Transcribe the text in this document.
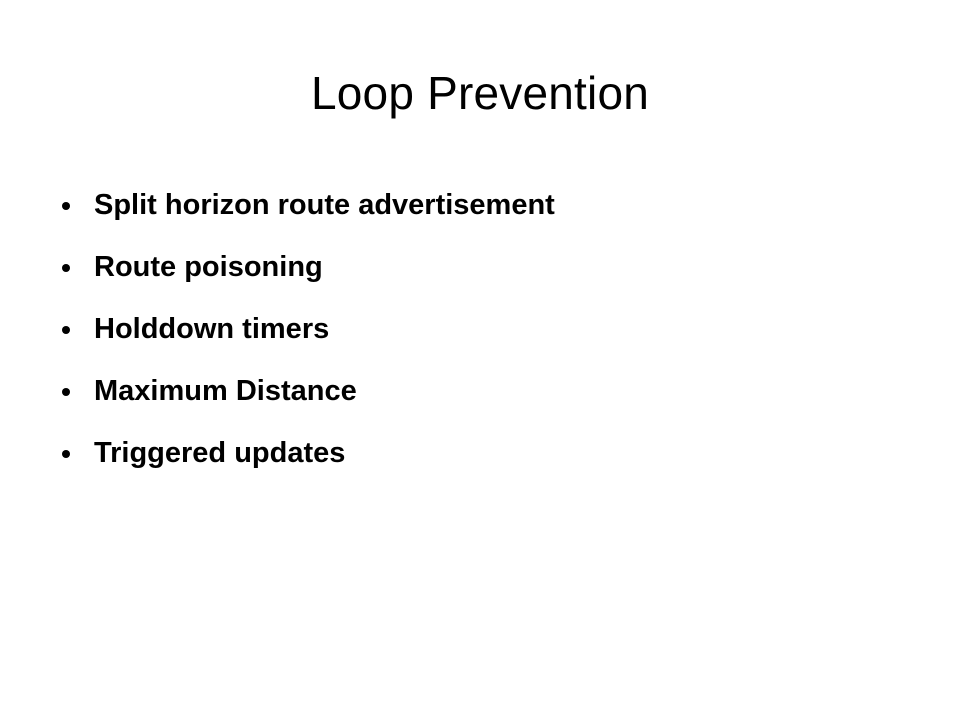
Loop Prevention
Split horizon route advertisement
Route poisoning
Holddown timers
Maximum Distance
Triggered updates
